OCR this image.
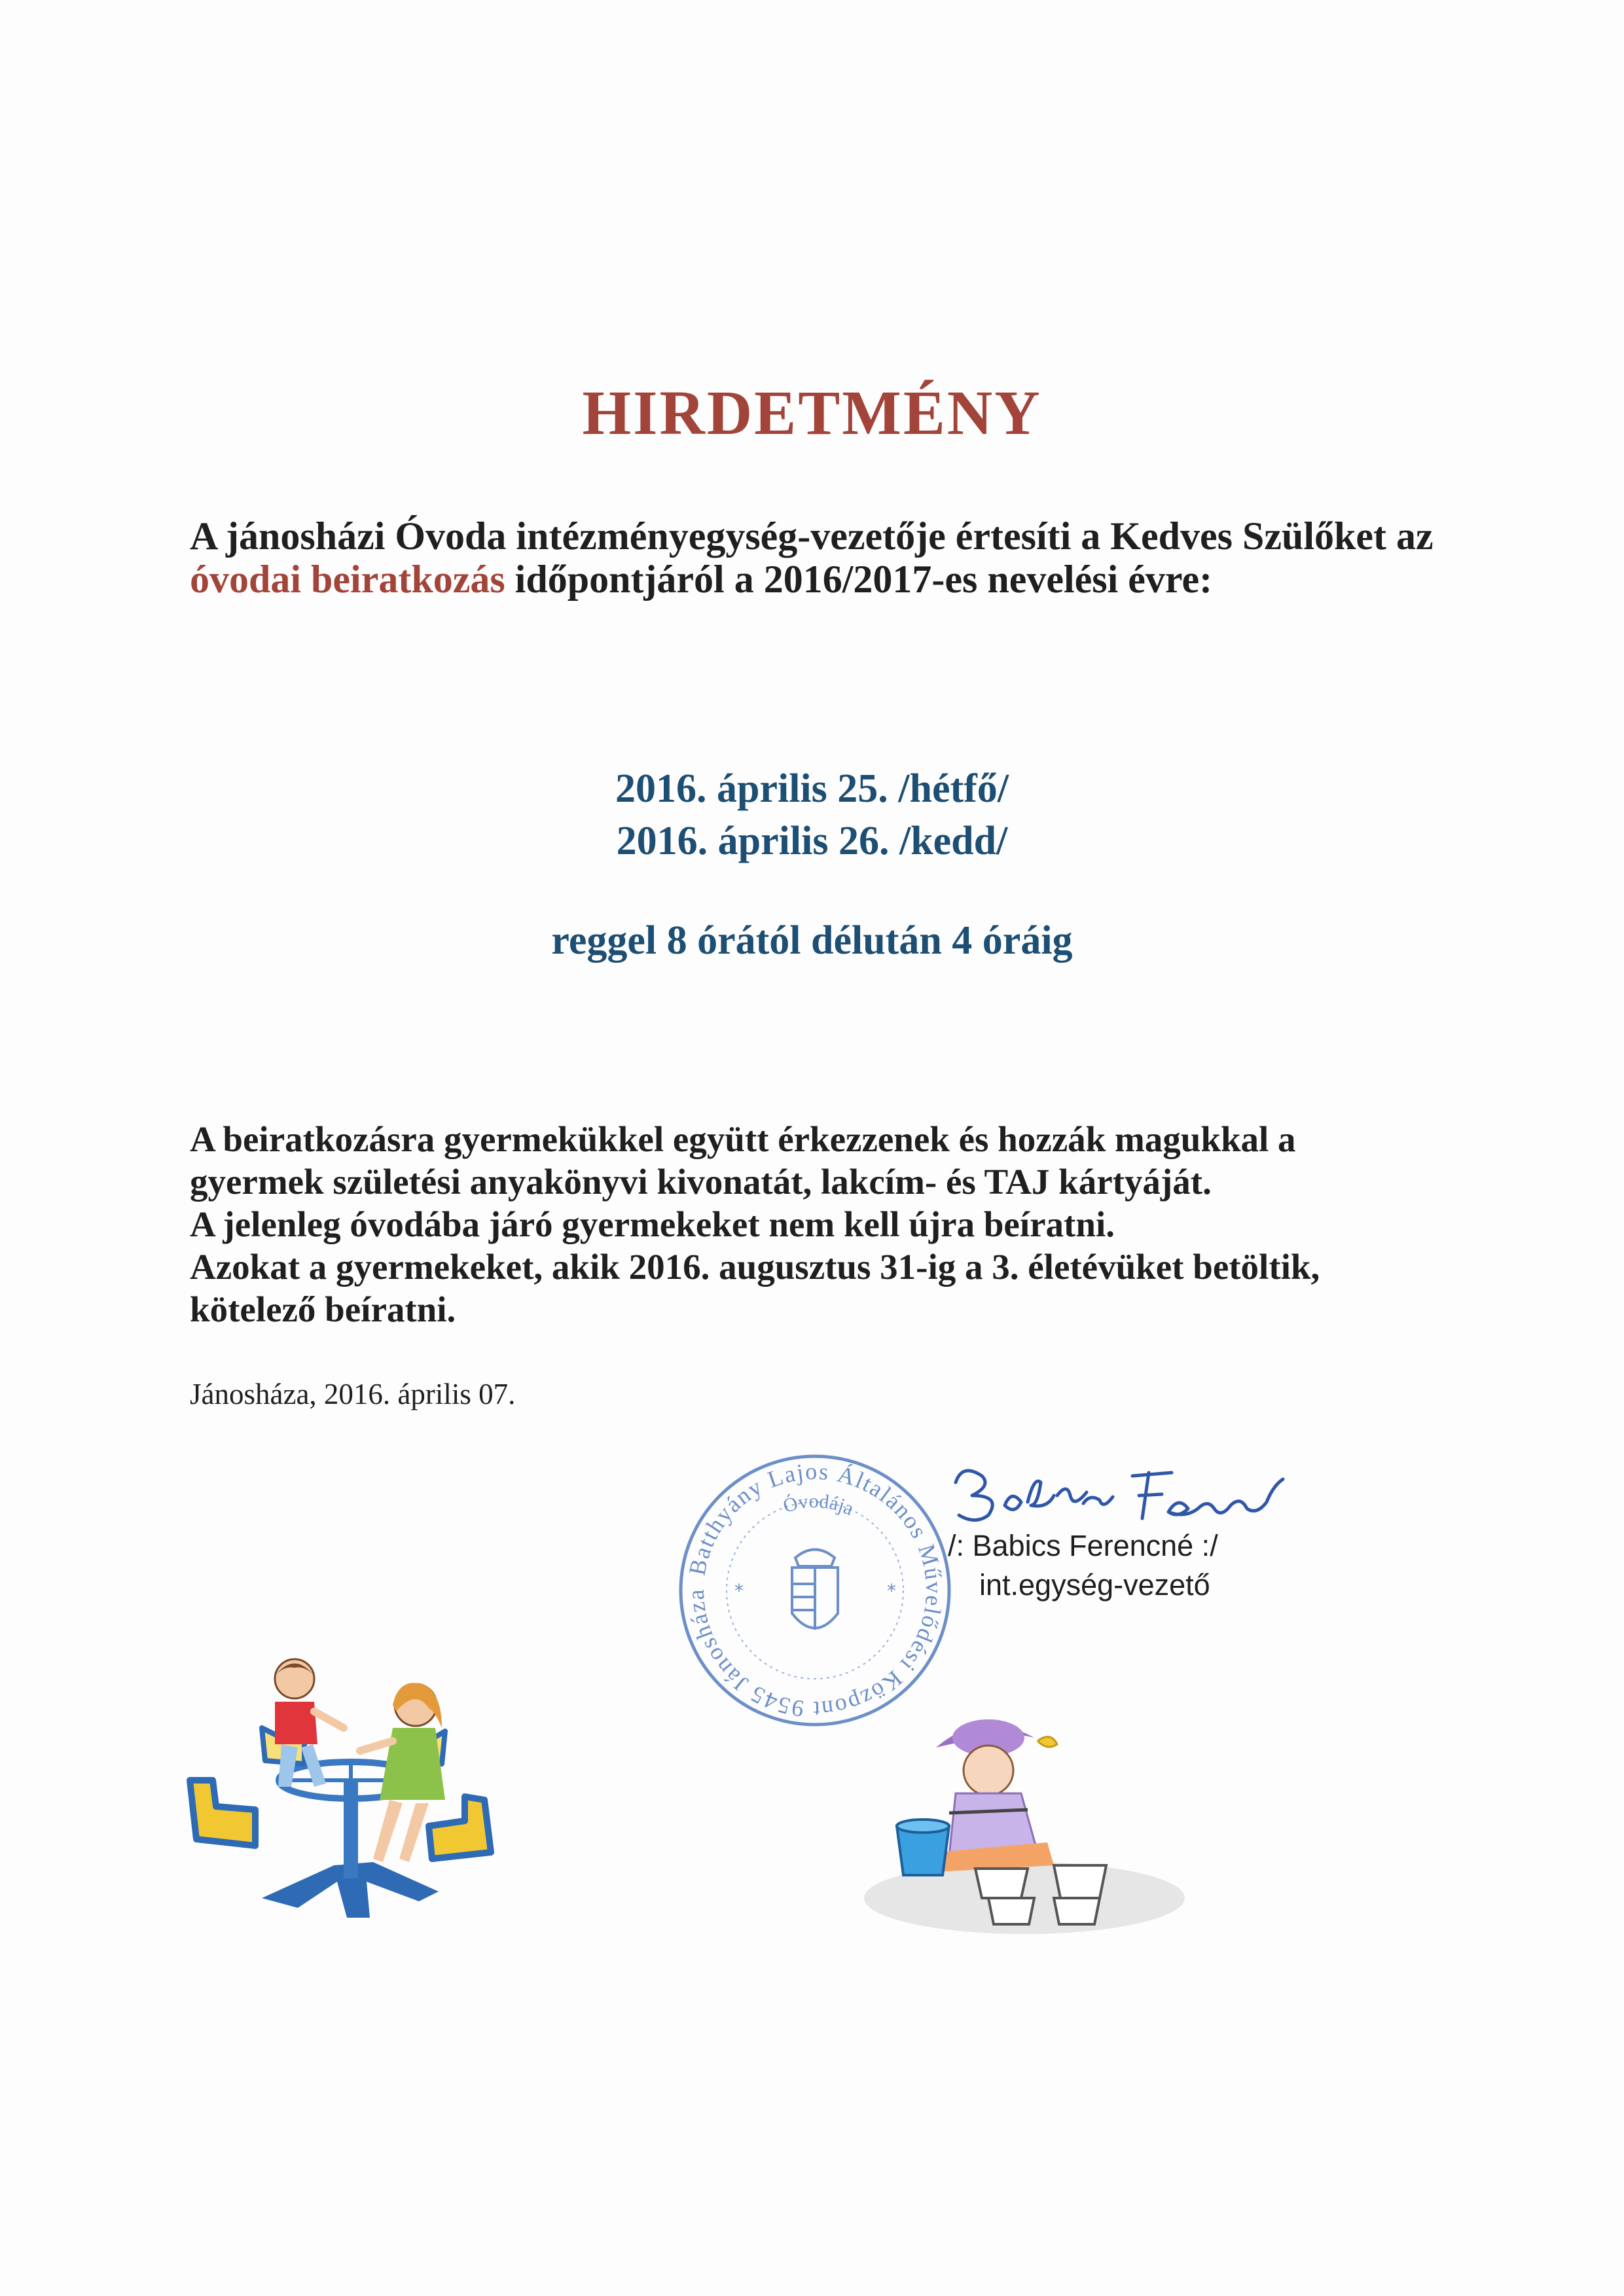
HIRDETMÉNY
A jánosházi Óvoda intézményegység-vezetője értesíti a Kedves Szülőket az óvodai beiratkozás időpontjáról a 2016/2017-es nevelési évre:
2016. április 25. /hétfő/
2016. április 26. /kedd/
reggel 8 órától délután 4 óráig
A beiratkozásra gyermekükkel együtt érkezzenek és hozzák magukkal a
gyermek születési anyakönyvi kivonatát, lakcím- és TAJ kártyáját.
A jelenleg óvodába járó gyermekeket nem kell újra beíratni.
Azokat a gyermekeket, akik 2016. augusztus 31-ig a 3. életévüket betöltik,
kötelező beíratni.
Jánosháza, 2016. április 07.
Batthyány Lajos Általános Művelődési Központ 9545 Jánosháza, Ifjúság u. 1.
Óvodája
*	*
/: Babics Ferencné :/
int.egység-vezető
